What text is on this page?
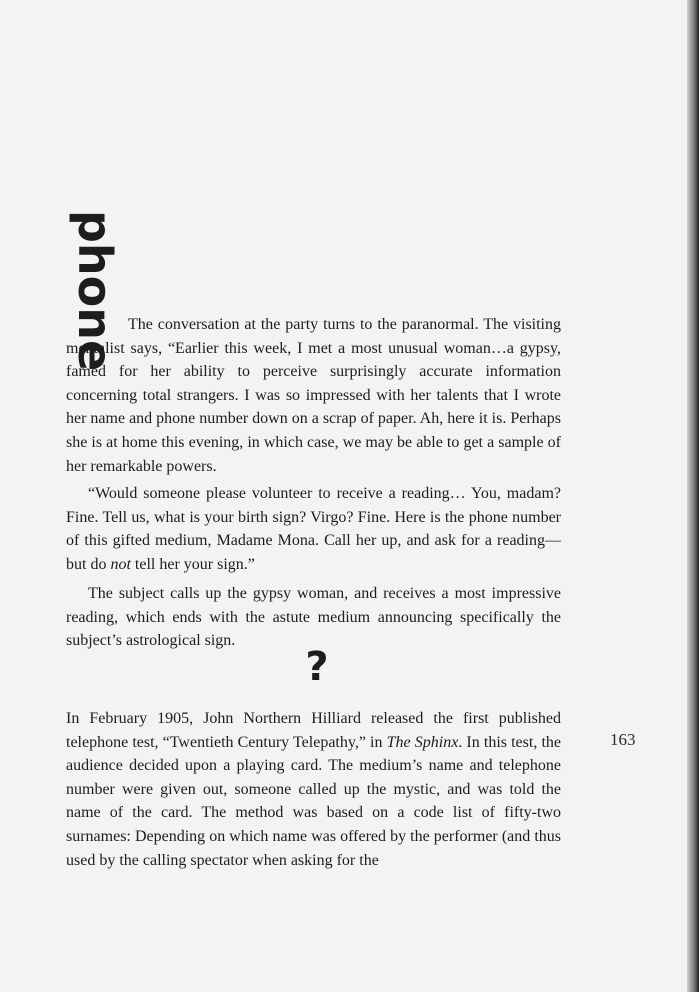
phone The conversation at the party turns to the paranormal. The visiting mentalist says, “Earlier this week, I met a most unusual woman…a gypsy, famed for her ability to perceive surprisingly accurate information concerning total strangers. I was so impressed with her talents that I wrote her name and phone number down on a scrap of paper. Ah, here it is. Perhaps she is at home this evening, in which case, we may be able to get a sample of her remarkable powers.

“Would someone please volunteer to receive a reading… You, madam? Fine. Tell us, what is your birth sign? Virgo? Fine. Here is the phone number of this gifted medium, Madame Mona. Call her up, and ask for a reading—but do not tell her your sign.”

The subject calls up the gypsy woman, and receives a most impressive reading, which ends with the astute medium announcing specifically the subject’s astrological sign.

?

In February 1905, John Northern Hilliard released the first published telephone test, “Twentieth Century Telepathy,” in The Sphinx. In this test, the audience decided upon a playing card. The medium’s name and telephone number were given out, someone called up the mystic, and was told the name of the card. The method was based on a code list of fifty-two surnames: Depending on which name was offered by the performer (and thus used by the calling spectator when asking for the

163
